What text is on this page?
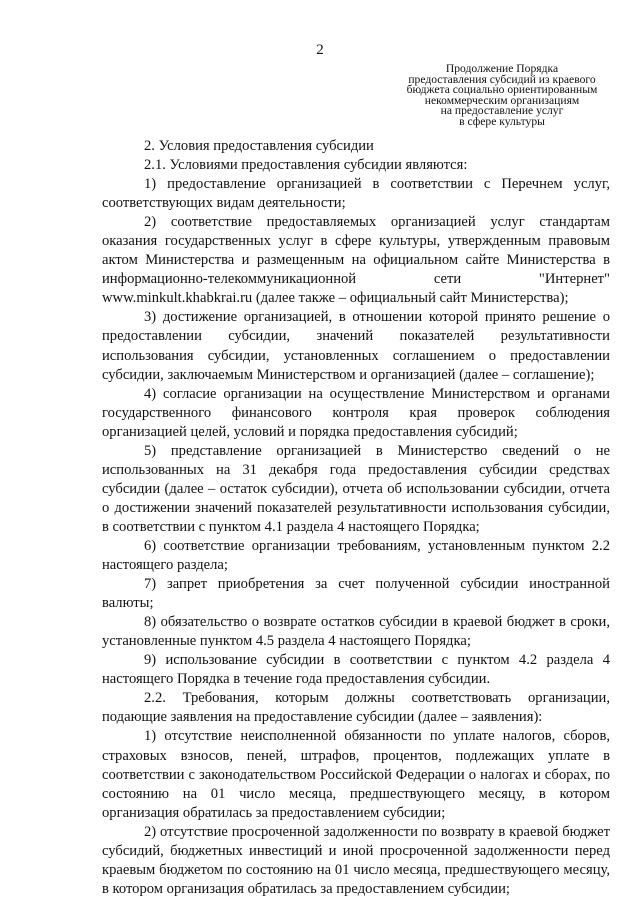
2
Продолжение Порядка
предоставления субсидий из краевого
бюджета социально ориентированным
некоммерческим организациям
на предоставление услуг
в сфере культуры

2. Условия предоставления субсидии

2.1. Условиями предоставления субсидии являются:

1) предоставление организацией в соответствии с Перечнем услуг, соответствующих видам деятельности;

2) соответствие предоставляемых организацией услуг стандартам оказания государственных услуг в сфере культуры, утвержденным правовым актом Министерства и размещенным на официальном сайте Министерства в информационно-телекоммуникационной сети "Интернет" www.minkult.khabkrai.ru (далее также – официальный сайт Министерства);

3) достижение организацией, в отношении которой принято решение о предоставлении субсидии, значений показателей результативности использования субсидии, установленных соглашением о предоставлении субсидии, заключаемым Министерством и организацией (далее – соглашение);

4) согласие организации на осуществление Министерством и органами государственного финансового контроля края проверок соблюдения организацией целей, условий и порядка предоставления субсидий;

5) представление организацией в Министерство сведений о не использованных на 31 декабря года предоставления субсидии средствах субсидии (далее – остаток субсидии), отчета об использовании субсидии, отчета о достижении значений показателей результативности использования субсидии, в соответствии с пунктом 4.1 раздела 4 настоящего Порядка;

6) соответствие организации требованиям, установленным пунктом 2.2 настоящего раздела;

7) запрет приобретения за счет полученной субсидии иностранной валюты;

8) обязательство о возврате остатков субсидии в краевой бюджет в сроки, установленные пунктом 4.5 раздела 4 настоящего Порядка;

9) использование субсидии в соответствии с пунктом 4.2 раздела 4 настоящего Порядка в течение года предоставления субсидии.

2.2. Требования, которым должны соответствовать организации, подающие заявления на предоставление субсидии (далее – заявления):

1) отсутствие неисполненной обязанности по уплате налогов, сборов, страховых взносов, пеней, штрафов, процентов, подлежащих уплате в соответствии с законодательством Российской Федерации о налогах и сборах, по состоянию на 01 число месяца, предшествующего месяцу, в котором организация обратилась за предоставлением субсидии;

2) отсутствие просроченной задолженности по возврату в краевой бюджет субсидий, бюджетных инвестиций и иной просроченной задолженности перед краевым бюджетом по состоянию на 01 число месяца, предшествующего месяцу, в котором организация обратилась за предоставлением субсидии;
